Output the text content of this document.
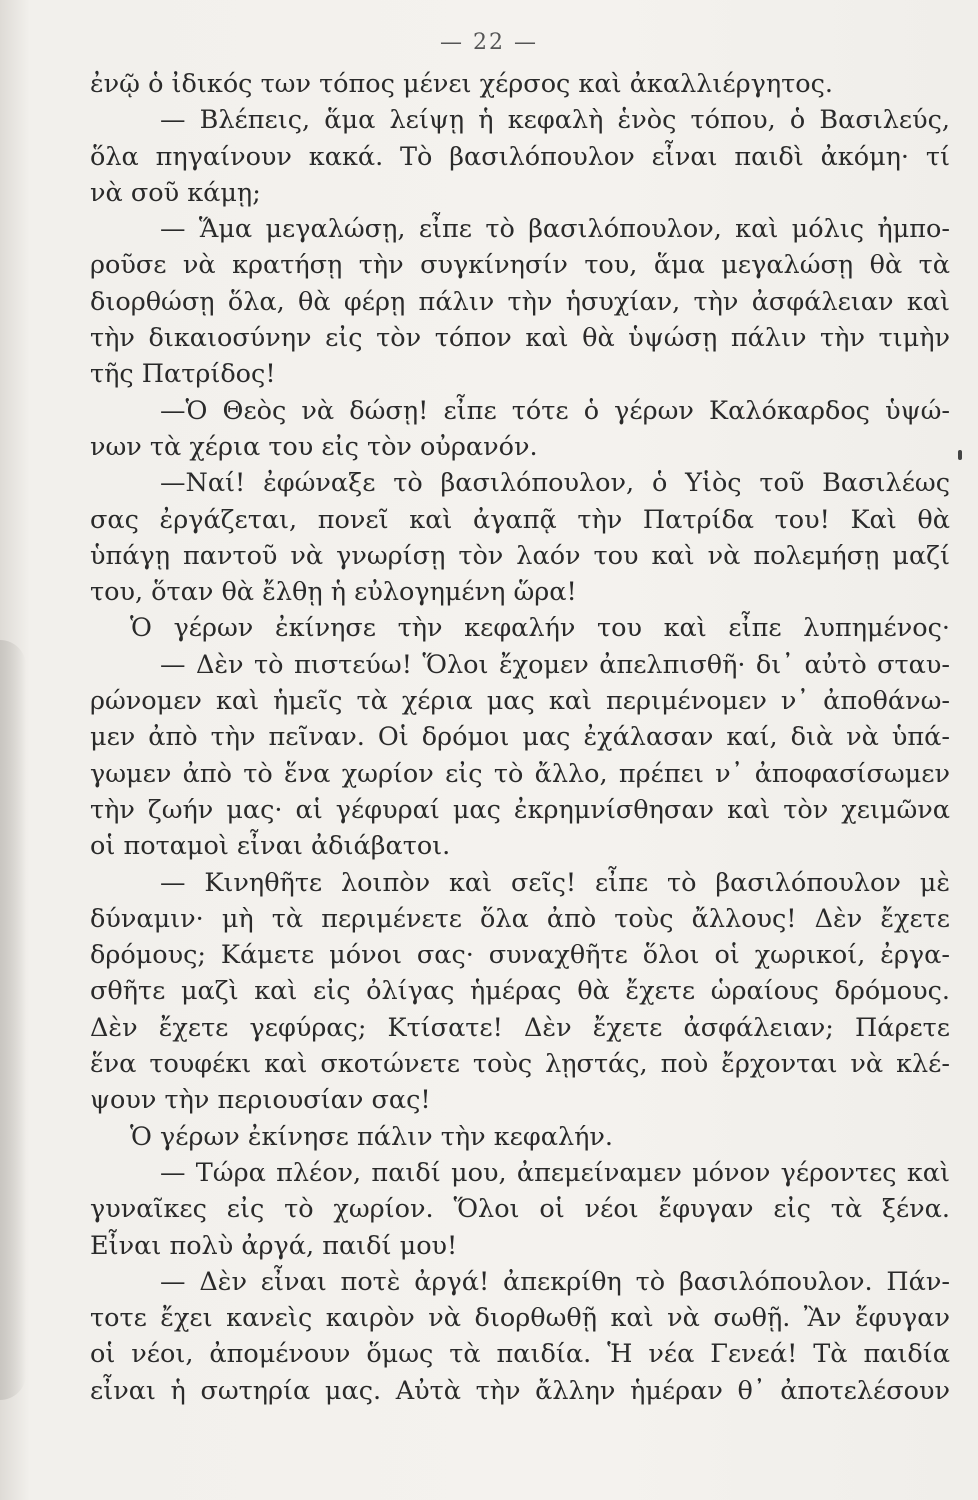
— 22 —
ἐνῷ ὁ ἰδικός των τόπος μένει χέρσος καὶ ἀκαλλιέργητος.
— Βλέπεις, ἅμα λείψῃ ἡ κεφαλὴ ἑνὸς τόπου, ὁ Βασιλεύς,
ὅλα πηγαίνουν κακά. Τὸ βασιλόπουλον εἶναι παιδὶ ἀκόμη· τί
νὰ σοῦ κάμῃ;
— Ἅμα μεγαλώσῃ, εἶπε τὸ βασιλόπουλον, καὶ μόλις ἠμπο-
ροῦσε νὰ κρατήσῃ τὴν συγκίνησίν του, ἅμα μεγαλώσῃ θὰ τὰ
διορθώσῃ ὅλα, θὰ φέρῃ πάλιν τὴν ἡσυχίαν, τὴν ἀσφάλειαν καὶ
τὴν δικαιοσύνην εἰς τὸν τόπον καὶ θὰ ὑψώσῃ πάλιν τὴν τιμὴν
τῆς Πατρίδος!
—Ὁ Θεὸς νὰ δώσῃ! εἶπε τότε ὁ γέρων Καλόκαρδος ὑψώ-
νων τὰ χέρια του εἰς τὸν οὐρανόν.
—Ναί! ἐφώναξε τὸ βασιλόπουλον, ὁ Υἱὸς τοῦ Βασιλέως
σας ἐργάζεται, πονεῖ καὶ ἀγαπᾷ τὴν Πατρίδα του! Καὶ θὰ
ὑπάγῃ παντοῦ νὰ γνωρίσῃ τὸν λαόν του καὶ νὰ πολεμήσῃ μαζί
του, ὅταν θὰ ἔλθῃ ἡ εὐλογημένη ὥρα!
Ὁ γέρων ἐκίνησε τὴν κεφαλήν του καὶ εἶπε λυπημένος·
— Δὲν τὸ πιστεύω! Ὅλοι ἔχομεν ἀπελπισθῆ· δι᾿ αὐτὸ σταυ-
ρώνομεν καὶ ἡμεῖς τὰ χέρια μας καὶ περιμένομεν ν᾿ ἀποθάνω-
μεν ἀπὸ τὴν πεῖναν. Οἱ δρόμοι μας ἐχάλασαν καί, διὰ νὰ ὑπά-
γωμεν ἀπὸ τὸ ἕνα χωρίον εἰς τὸ ἄλλο, πρέπει ν᾿ ἀποφασίσωμεν
τὴν ζωήν μας· αἱ γέφυραί μας ἐκρημνίσθησαν καὶ τὸν χειμῶνα
οἱ ποταμοὶ εἶναι ἀδιάβατοι.
— Κινηθῆτε λοιπὸν καὶ σεῖς! εἶπε τὸ βασιλόπουλον μὲ
δύναμιν· μὴ τὰ περιμένετε ὅλα ἀπὸ τοὺς ἄλλους! Δὲν ἔχετε
δρόμους; Κάμετε μόνοι σας· συναχθῆτε ὅλοι οἱ χωρικοί, ἐργα-
σθῆτε μαζὶ καὶ εἰς ὀλίγας ἡμέρας θὰ ἔχετε ὡραίους δρόμους.
Δὲν ἔχετε γεφύρας; Κτίσατε! Δὲν ἔχετε ἀσφάλειαν; Πάρετε
ἕνα τουφέκι καὶ σκοτώνετε τοὺς λῃστάς, ποὺ ἔρχονται νὰ κλέ-
ψουν τὴν περιουσίαν σας!
Ὁ γέρων ἐκίνησε πάλιν τὴν κεφαλήν.
— Τώρα πλέον, παιδί μου, ἀπεμείναμεν μόνον γέροντες καὶ
γυναῖκες εἰς τὸ χωρίον. Ὅλοι οἱ νέοι ἔφυγαν εἰς τὰ ξένα.
Εἶναι πολὺ ἀργά, παιδί μου!
— Δὲν εἶναι ποτὲ ἀργά! ἀπεκρίθη τὸ βασιλόπουλον. Πάν-
τοτε ἔχει κανεὶς καιρὸν νὰ διορθωθῇ καὶ νὰ σωθῇ. Ἂν ἔφυγαν
οἱ νέοι, ἀπομένουν ὅμως τὰ παιδία. Ἡ νέα Γενεά! Τὰ παιδία
εἶναι ἡ σωτηρία μας. Αὐτὰ τὴν ἄλλην ἡμέραν θ᾿ ἀποτελέσουν
